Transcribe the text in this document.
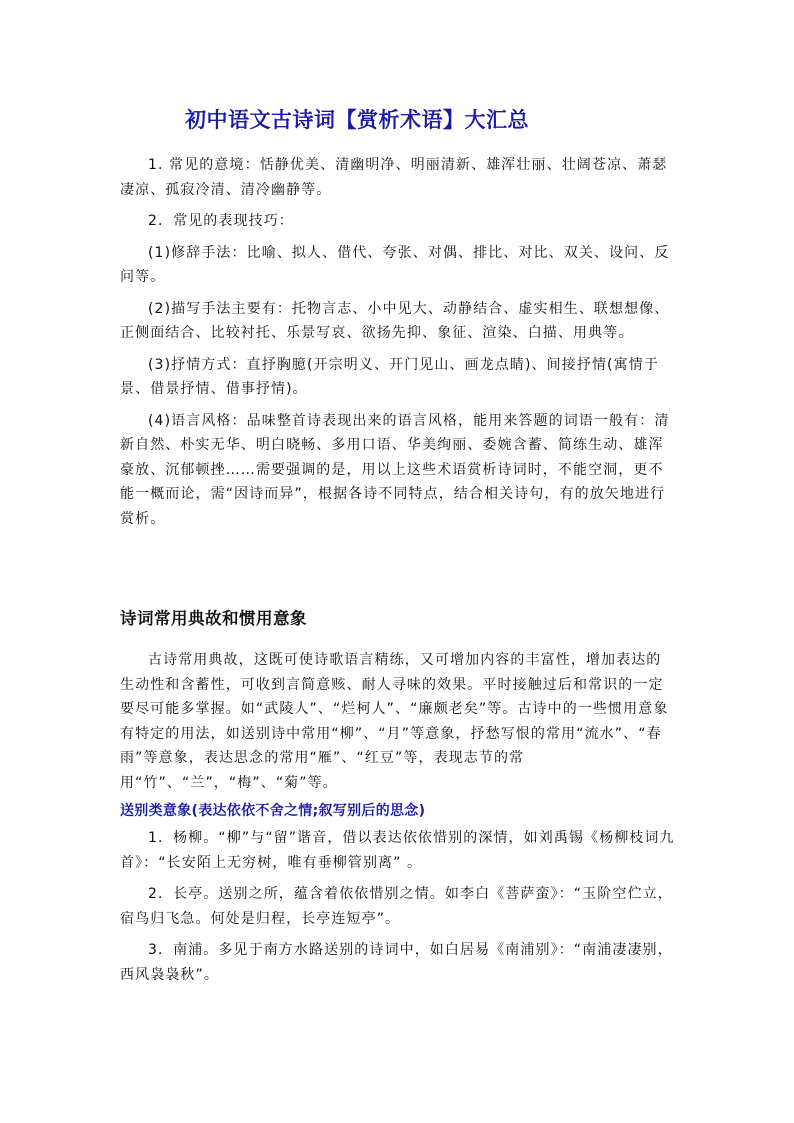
初中语文古诗词【赏析术语】大汇总

1. 常见的意境：恬静优美、清幽明净、明丽清新、雄浑壮丽、壮阔苍凉、萧瑟凄凉、孤寂冷清、清冷幽静等。

2．常见的表现技巧：

(1)修辞手法：比喻、拟人、借代、夸张、对偶、排比、对比、双关、设问、反问等。

(2)描写手法主要有：托物言志、小中见大、动静结合、虚实相生、联想想像、正侧面结合、比较衬托、乐景写哀、欲扬先抑、象征、渲染、白描、用典等。

(3)抒情方式：直抒胸臆(开宗明义、开门见山、画龙点睛)、间接抒情(寓情于景、借景抒情、借事抒情)。

(4)语言风格：品味整首诗表现出来的语言风格，能用来答题的词语一般有：清新自然、朴实无华、明白晓畅、多用口语、华美绚丽、委婉含蓄、简练生动、雄浑豪放、沉郁顿挫……需要强调的是，用以上这些术语赏析诗词时，不能空洞，更不能一概而论，需“因诗而异”，根据各诗不同特点，结合相关诗句，有的放矢地进行赏析。

诗词常用典故和惯用意象

古诗常用典故，这既可使诗歌语言精练，又可增加内容的丰富性，增加表达的生动性和含蓄性，可收到言简意赅、耐人寻味的效果。平时接触过后和常识的一定要尽可能多掌握。如“武陵人”、“烂柯人”、“廉颇老矣”等。古诗中的一些惯用意象有特定的用法，如送别诗中常用“柳”、“月”等意象，抒愁写恨的常用“流水”、“春雨”等意象，表达思念的常用“雁”、“红豆”等，表现志节的常用“竹”、“兰”，“梅”、“菊”等。

送别类意象(表达依依不舍之情;叙写别后的思念)

1．杨柳。“柳”与“留”谐音，借以表达依依惜别的深情，如刘禹锡《杨柳枝词九首》：“长安陌上无穷树，唯有垂柳管别离” 。

2．长亭。送别之所，蕴含着依依惜别之情。如李白《菩萨蛮》：“玉阶空伫立，宿鸟归飞急。何处是归程，长亭连短亭”。

3．南浦。多见于南方水路送别的诗词中，如白居易《南浦别》：“南浦凄凄别，西风袅袅秋”。
